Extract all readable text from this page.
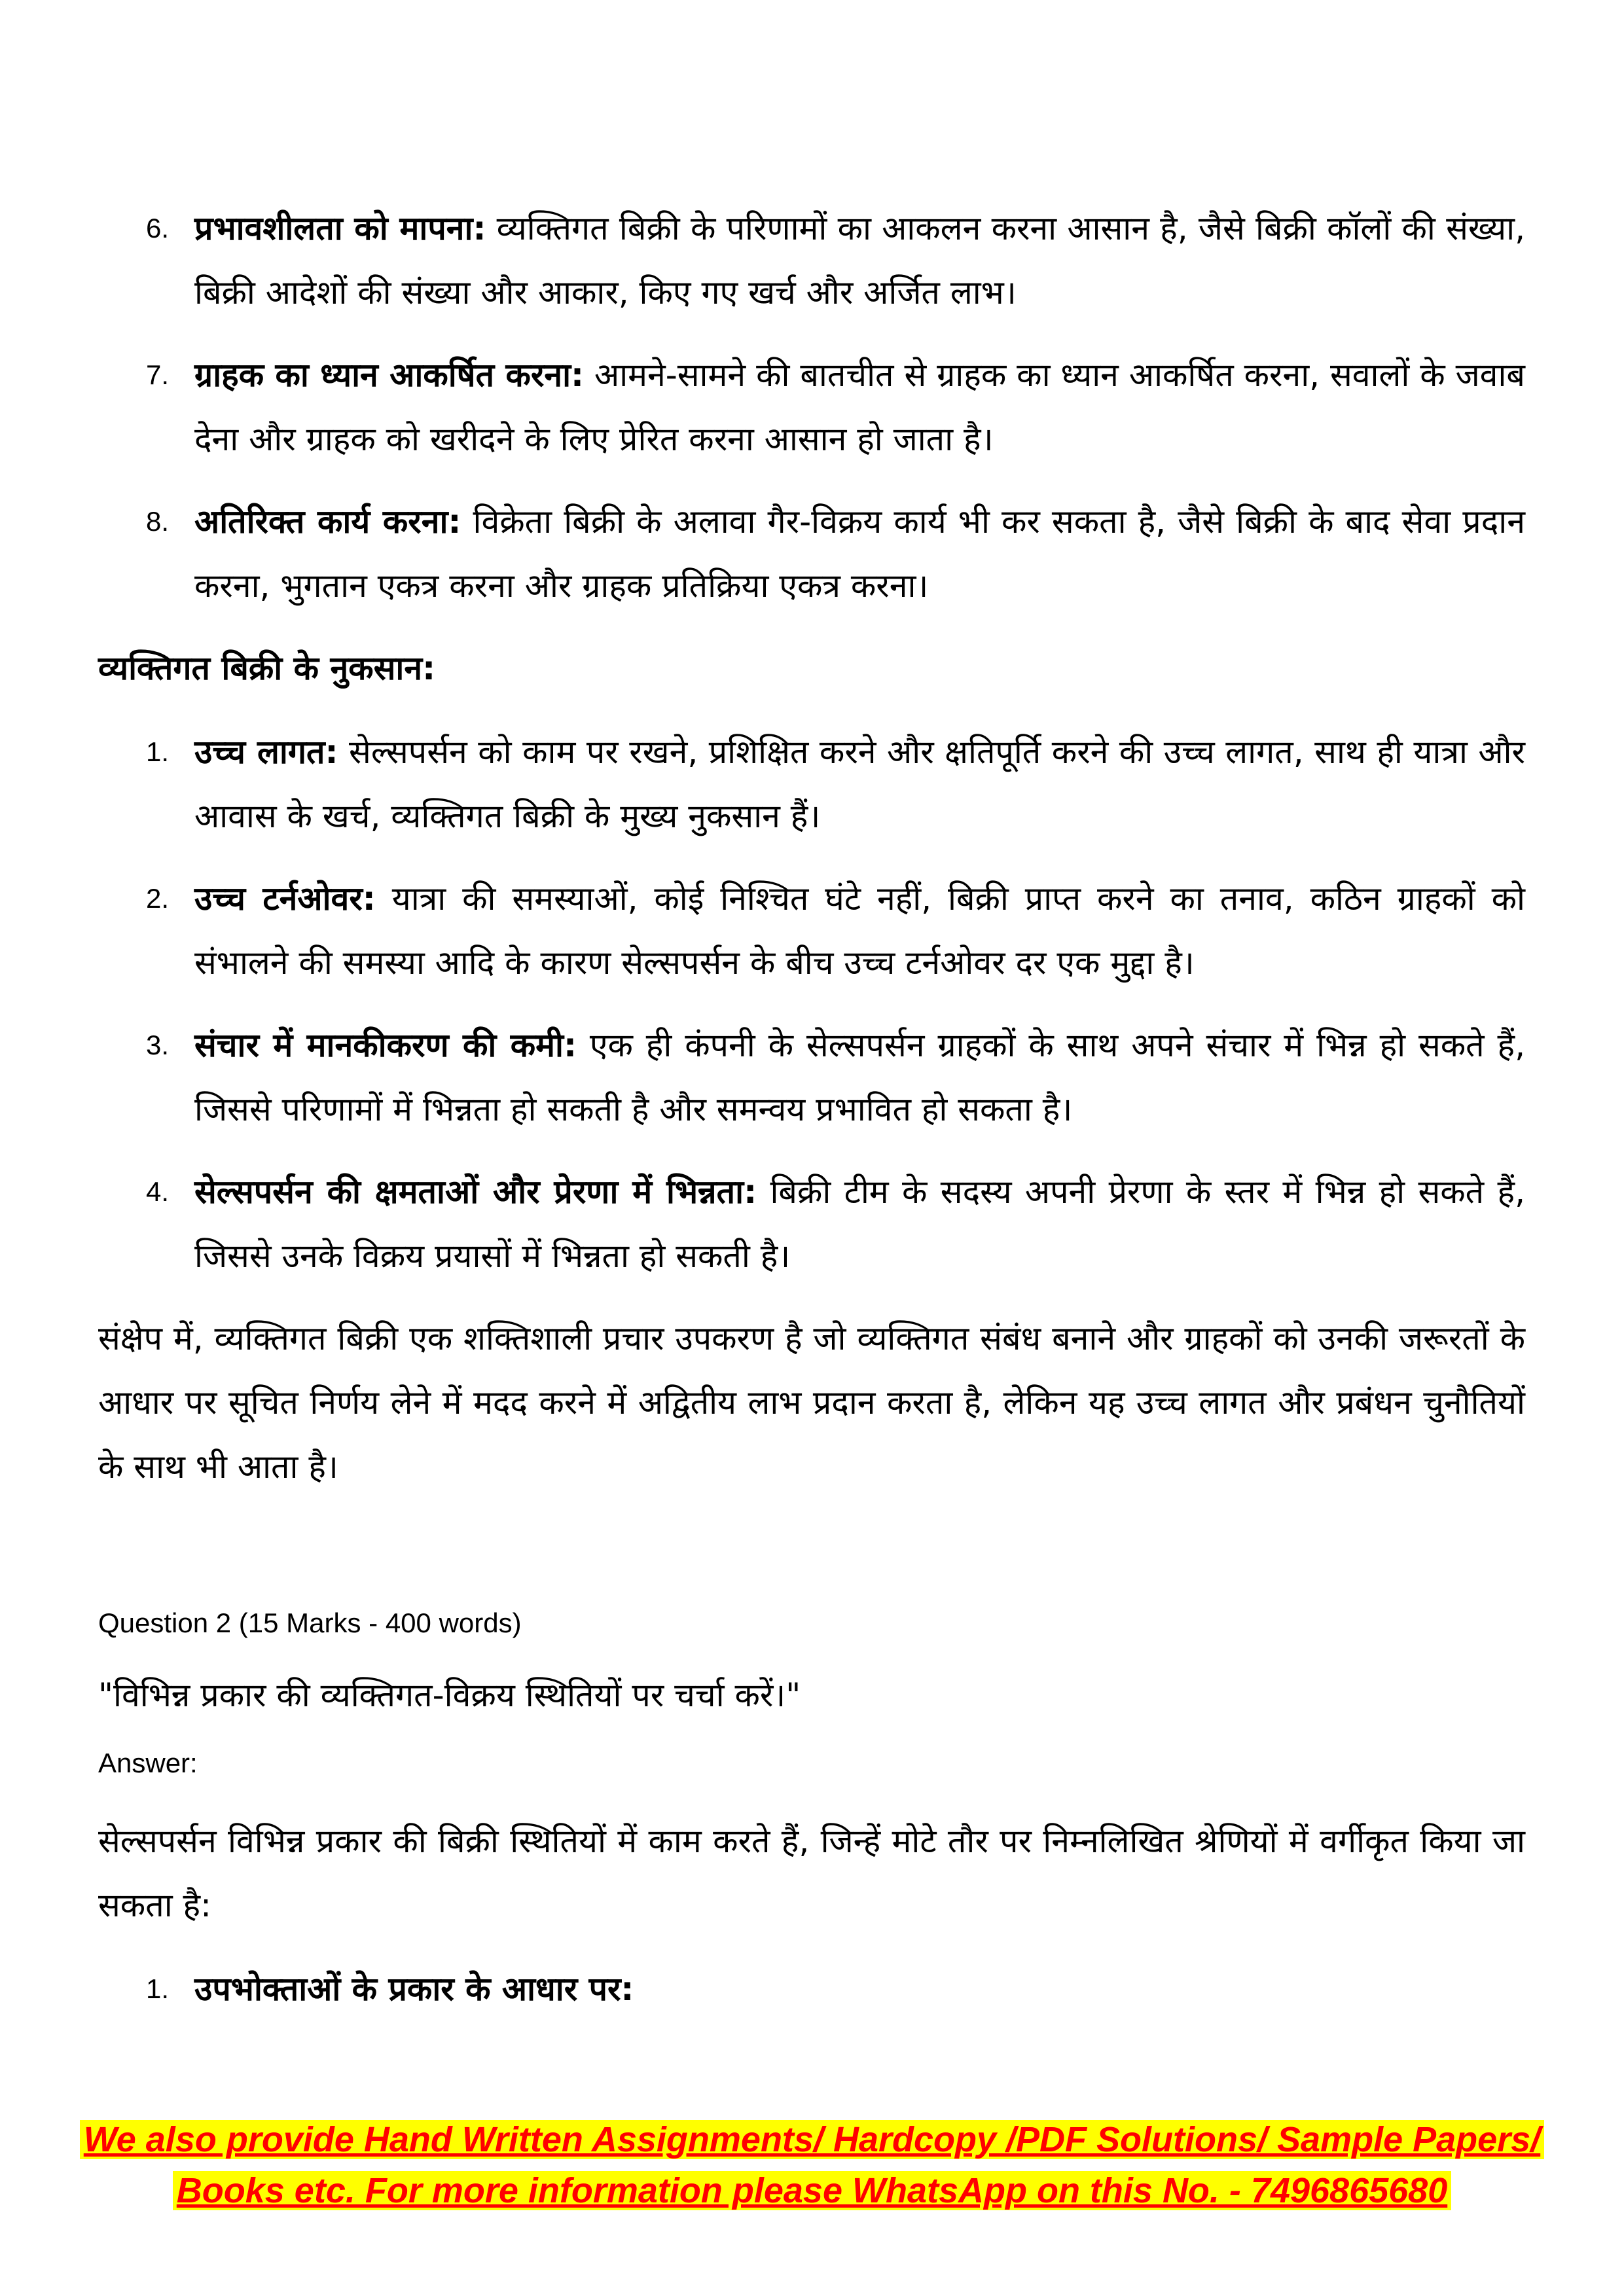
6. प्रभावशीलता को मापना: व्यक्तिगत बिक्री के परिणामों का आकलन करना आसान है, जैसे बिक्री कॉलों की संख्या, बिक्री आदेशों की संख्या और आकार, किए गए खर्च और अर्जित लाभ।
7. ग्राहक का ध्यान आकर्षित करना: आमने-सामने की बातचीत से ग्राहक का ध्यान आकर्षित करना, सवालों के जवाब देना और ग्राहक को खरीदने के लिए प्रेरित करना आसान हो जाता है।
8. अतिरिक्त कार्य करना: विक्रेता बिक्री के अलावा गैर-विक्रय कार्य भी कर सकता है, जैसे बिक्री के बाद सेवा प्रदान करना, भुगतान एकत्र करना और ग्राहक प्रतिक्रिया एकत्र करना।
व्यक्तिगत बिक्री के नुकसान:
1. उच्च लागत: सेल्सपर्सन को काम पर रखने, प्रशिक्षित करने और क्षतिपूर्ति करने की उच्च लागत, साथ ही यात्रा और आवास के खर्च, व्यक्तिगत बिक्री के मुख्य नुकसान हैं।
2. उच्च टर्नओवर: यात्रा की समस्याओं, कोई निश्चित घंटे नहीं, बिक्री प्राप्त करने का तनाव, कठिन ग्राहकों को संभालने की समस्या आदि के कारण सेल्सपर्सन के बीच उच्च टर्नओवर दर एक मुद्दा है।
3. संचार में मानकीकरण की कमी: एक ही कंपनी के सेल्सपर्सन ग्राहकों के साथ अपने संचार में भिन्न हो सकते हैं, जिससे परिणामों में भिन्नता हो सकती है और समन्वय प्रभावित हो सकता है।
4. सेल्सपर्सन की क्षमताओं और प्रेरणा में भिन्नता: बिक्री टीम के सदस्य अपनी प्रेरणा के स्तर में भिन्न हो सकते हैं, जिससे उनके विक्रय प्रयासों में भिन्नता हो सकती है।

संक्षेप में, व्यक्तिगत बिक्री एक शक्तिशाली प्रचार उपकरण है जो व्यक्तिगत संबंध बनाने और ग्राहकों को उनकी जरूरतों के आधार पर सूचित निर्णय लेने में मदद करने में अद्वितीय लाभ प्रदान करता है, लेकिन यह उच्च लागत और प्रबंधन चुनौतियों के साथ भी आता है।

Question 2 (15 Marks - 400 words)
"विभिन्न प्रकार की व्यक्तिगत-विक्रय स्थितियों पर चर्चा करें।"
Answer:

सेल्सपर्सन विभिन्न प्रकार की बिक्री स्थितियों में काम करते हैं, जिन्हें मोटे तौर पर निम्नलिखित श्रेणियों में वर्गीकृत किया जा सकता है:

1. उपभोक्ताओं के प्रकार के आधार पर:
We also provide Hand Written Assignments/ Hardcopy /PDF Solutions/ Sample Papers/
Books etc. For more information please WhatsApp on this No. - 7496865680
